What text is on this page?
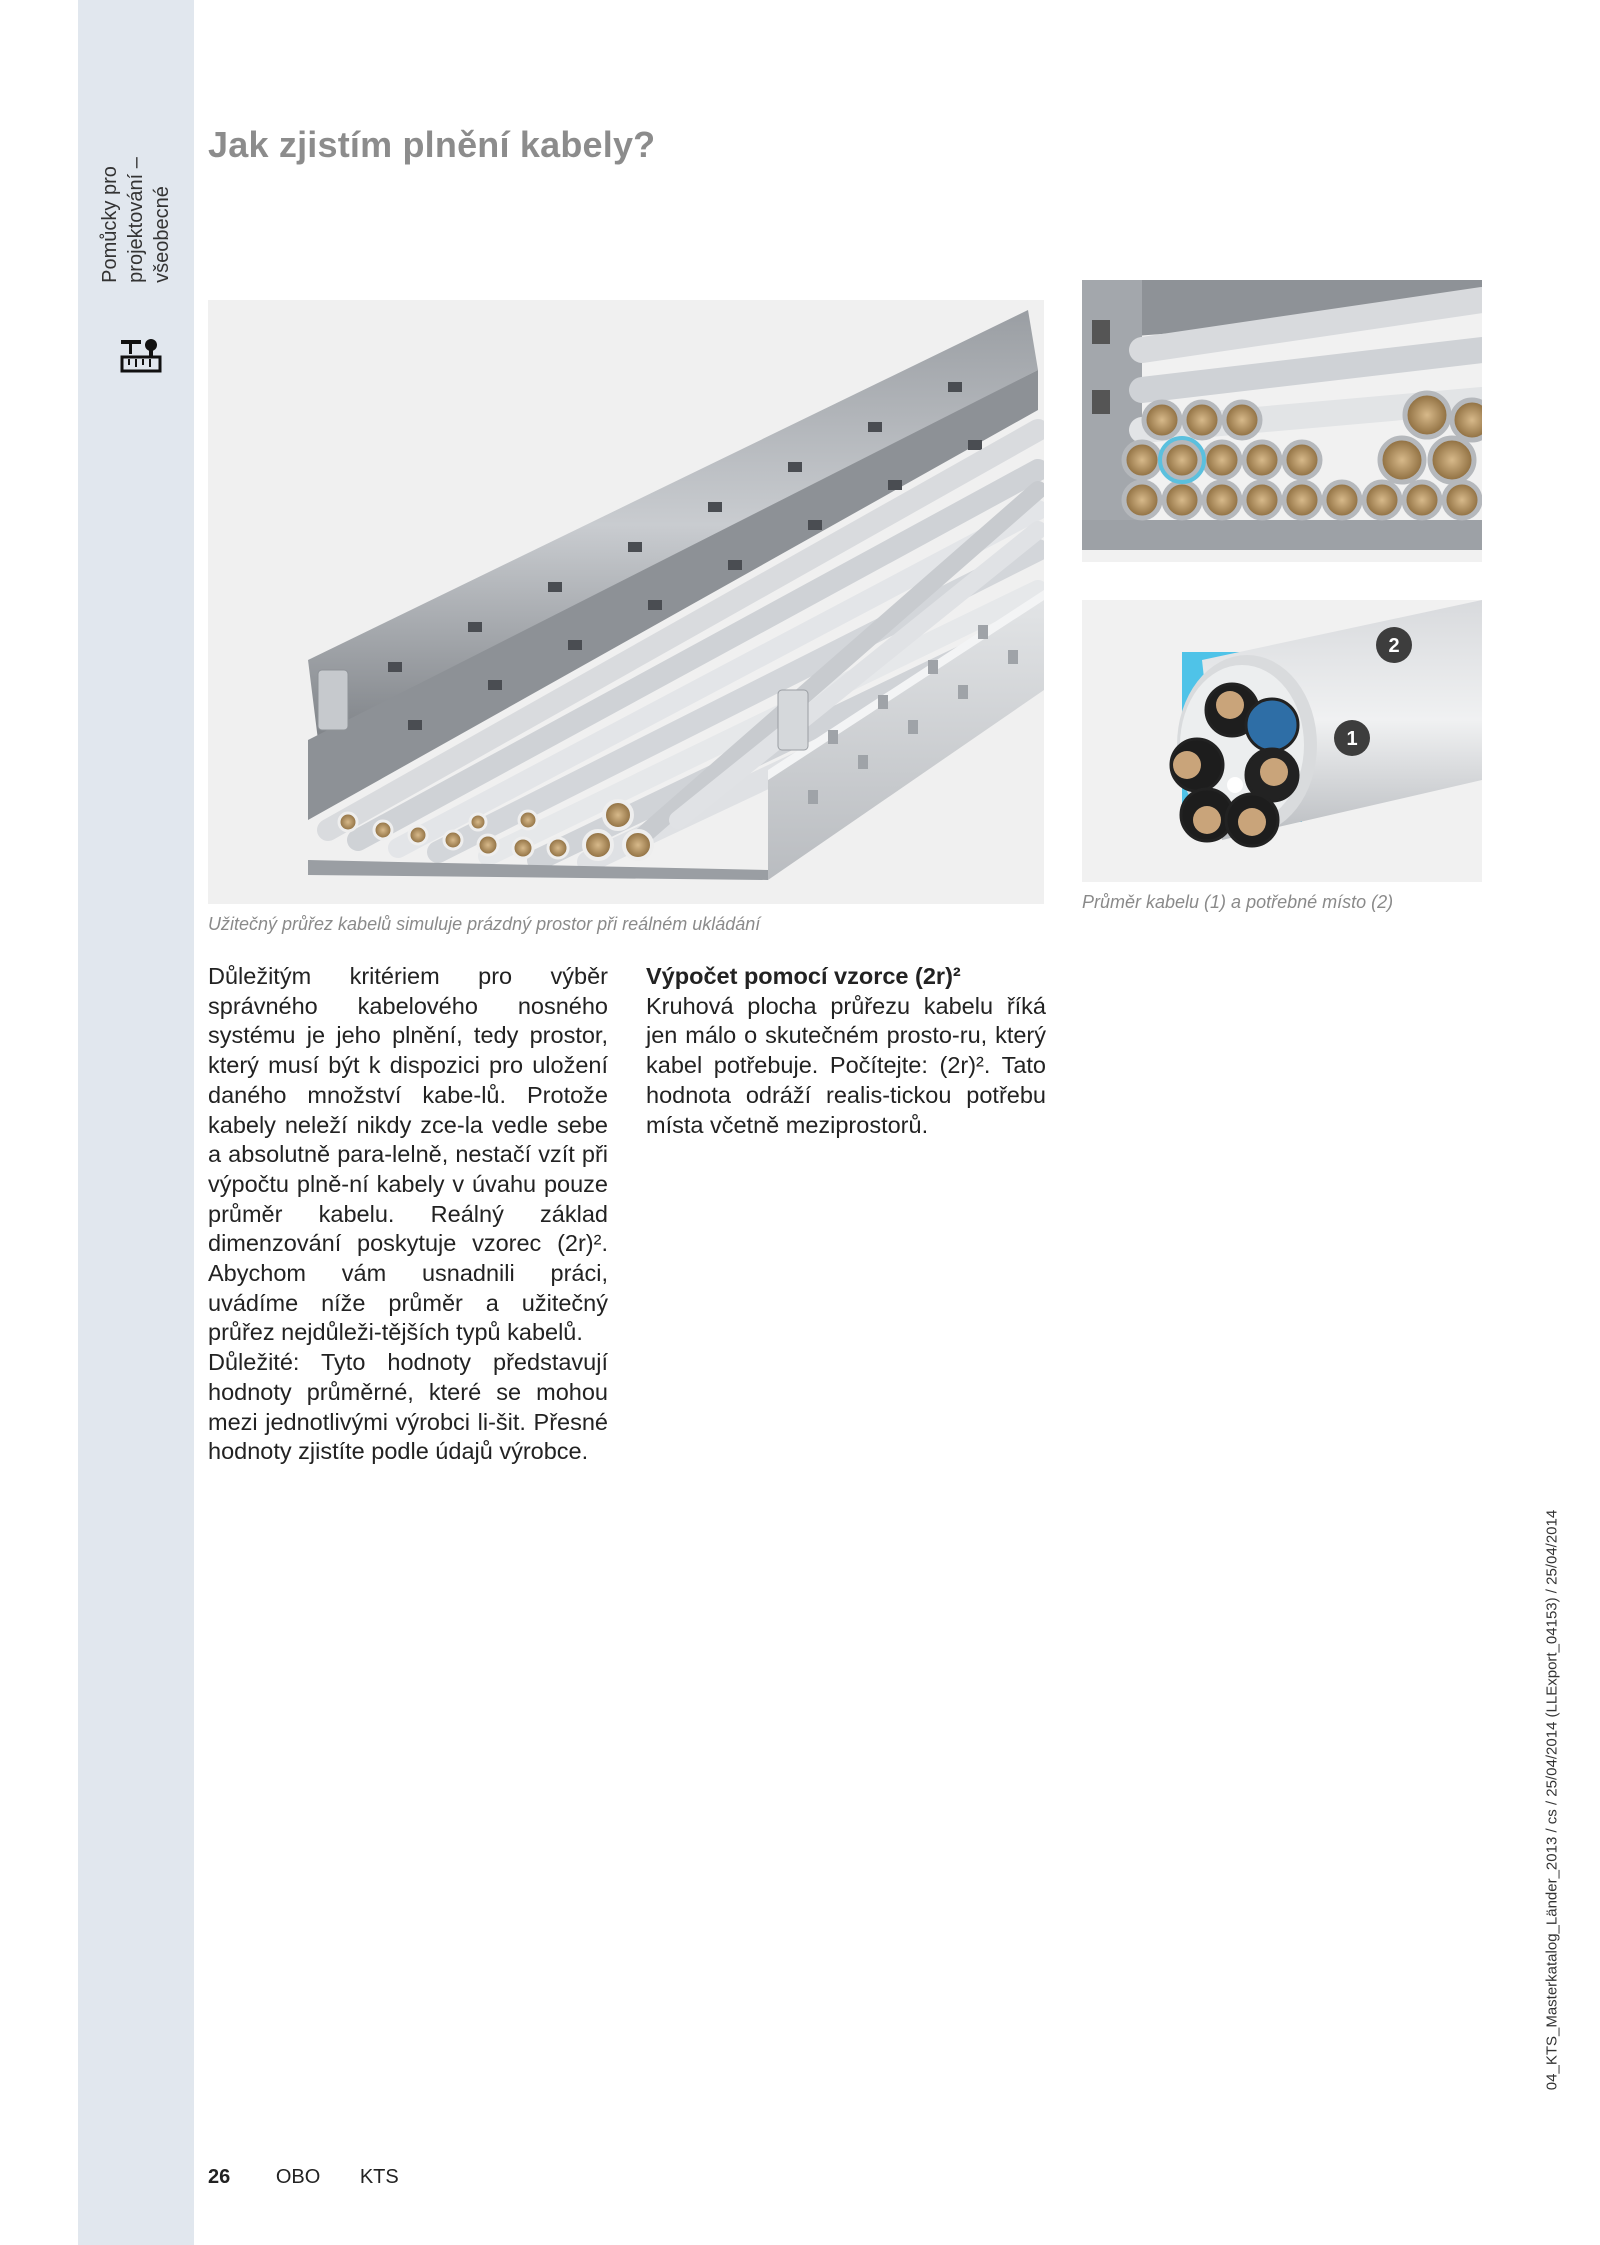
Pomůcky pro projektování – všeobecné
Jak zjistím plnění kabely?
1
2
Užitečný průřez kabelů simuluje prázdný prostor při reálném ukládání
Průměr kabelu (1) a potřebné místo (2)

Důležitým kritériem pro výběr správného kabelového nosného systému je jeho plnění, tedy prostor, který musí být k dispozici pro uložení daného množství kabe-lů. Protože kabely neleží nikdy zce-la vedle sebe a absolutně para-lelně, nestačí vzít při výpočtu plně-ní kabely v úvahu pouze průměr kabelu. Reálný základ dimenzování poskytuje vzorec (2r)². Abychom vám usnadnili práci, uvádíme níže průměr a užitečný průřez nejdůleži-tějších typů kabelů.

Důležité: Tyto hodnoty představují hodnoty průměrné, které se mohou mezi jednotlivými výrobci li-šit. Přesné hodnoty zjistíte podle údajů výrobce.

Výpočet pomocí vzorce (2r)²

Kruhová plocha průřezu kabelu říká jen málo o skutečném prosto-ru, který kabel potřebuje. Počítejte: (2r)². Tato hodnota odráží realis-tickou potřebu místa včetně meziprostorů.

26 OBO KTS
04_KTS_Masterkatalog_Länder_2013 / cs / 25/04/2014 (LLExport_04153) / 25/04/2014
